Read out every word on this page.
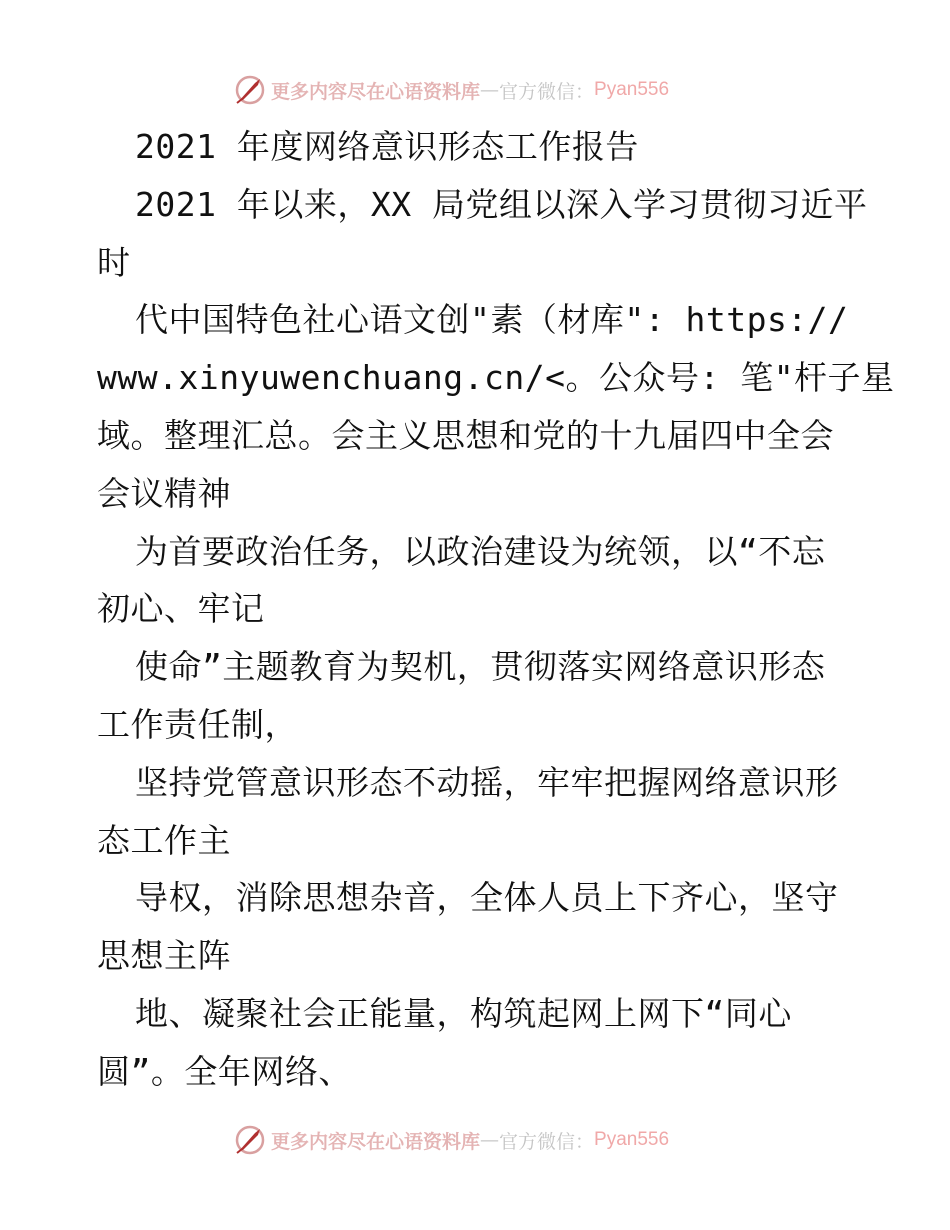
更多内容尽在心语资料库 — 官方微信： Pyan556
2021 年度网络意识形态工作报告
2021 年以来，XX 局党组以深入学习贯彻习近平
时
代中国特色社心语文创"素（材库": https://
www.xinyuwenchuang.cn/<。公众号: 笔"杆子星
域。整理汇总。会主义思想和党的十九届四中全会
会议精神
为首要政治任务，以政治建设为统领，以“不忘
初心、牢记
使命”主题教育为契机，贯彻落实网络意识形态
工作责任制，
坚持党管意识形态不动摇，牢牢把握网络意识形
态工作主
导权，消除思想杂音，全体人员上下齐心，坚守
思想主阵
地、凝聚社会正能量，构筑起网上网下“同心
圆”。全年网络、
更多内容尽在心语资料库 — 官方微信： Pyan556
